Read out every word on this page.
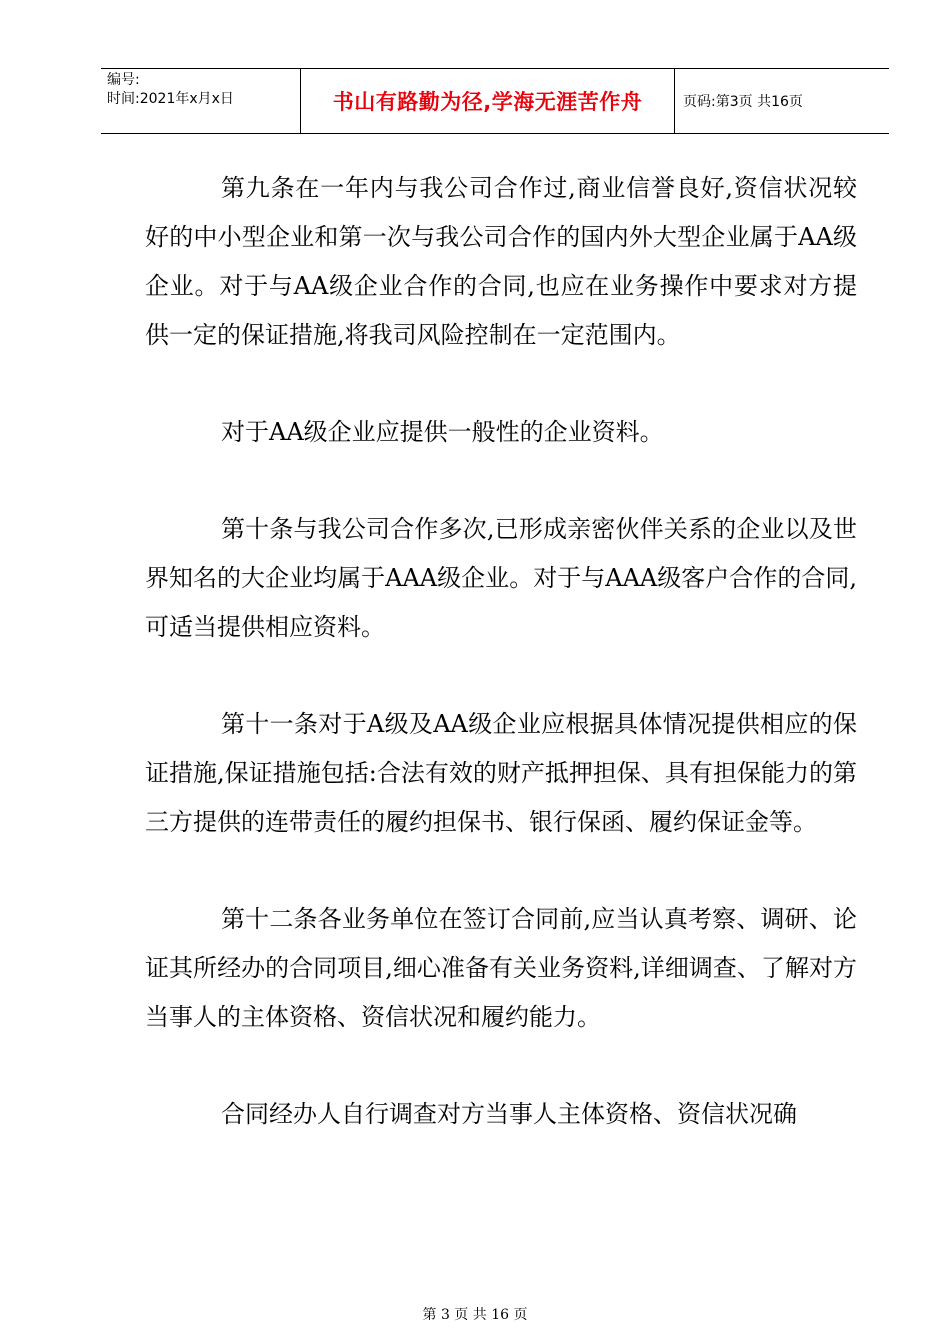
编号:
时间:2021年x月x日	书山有路勤为径,学海无涯苦作舟	页码:第3页 共16页

第九条在一年内与我公司合作过,商业信誉良好,资信状况较好的中小型企业和第一次与我公司合作的国内外大型企业属于AA级企业。对于与AA级企业合作的合同,也应在业务操作中要求对方提供一定的保证措施,将我司风险控制在一定范围内。

对于AA级企业应提供一般性的企业资料。

第十条与我公司合作多次,已形成亲密伙伴关系的企业以及世界知名的大企业均属于AAA级企业。对于与AAA级客户合作的合同,可适当提供相应资料。

第十一条对于A级及AA级企业应根据具体情况提供相应的保证措施,保证措施包括:合法有效的财产抵押担保、具有担保能力的第三方提供的连带责任的履约担保书、银行保函、履约保证金等。

第十二条各业务单位在签订合同前,应当认真考察、调研、论证其所经办的合同项目,细心准备有关业务资料,详细调查、了解对方当事人的主体资格、资信状况和履约能力。

合同经办人自行调查对方当事人主体资格、资信状况确

第 3 页 共 16 页
